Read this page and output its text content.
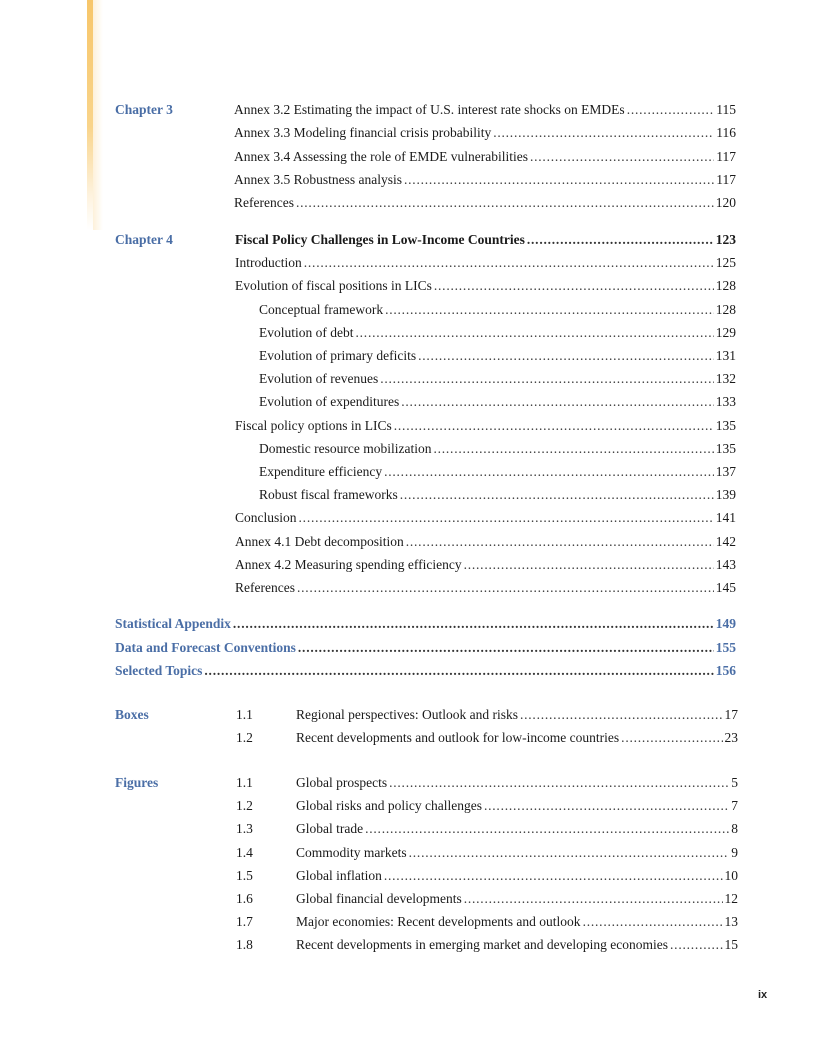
Chapter 3	Annex 3.2 Estimating the impact of U.S. interest rate shocks on EMDEs . . .	115
Annex 3.3 Modeling financial crisis probability . . .	116
Annex 3.4 Assessing the role of EMDE vulnerabilities . . .	117
Annex 3.5 Robustness analysis . . .	117
References . . .	120
Chapter 4	Fiscal Policy Challenges in Low-Income Countries . . .	123
Introduction . . .	125
Evolution of fiscal positions in LICs . . .	128
Conceptual framework . . .	128
Evolution of debt . . .	129
Evolution of primary deficits . . .	131
Evolution of revenues . . .	132
Evolution of expenditures . . .	133
Fiscal policy options in LICs . . .	135
Domestic resource mobilization . . .	135
Expenditure efficiency . . .	137
Robust fiscal frameworks . . .	139
Conclusion . . .	141
Annex 4.1 Debt decomposition . . .	142
Annex 4.2 Measuring spending efficiency . . .	143
References . . .	145
Statistical Appendix . . .	149
Data and Forecast Conventions . . .	155
Selected Topics . . .	156
Boxes	1.1	Regional perspectives: Outlook and risks . . .	17
1.2	Recent developments and outlook for low-income countries . . .	23
Figures	1.1	Global prospects . . .	5
1.2	Global risks and policy challenges . . .	7
1.3	Global trade . . .	8
1.4	Commodity markets . . .	9
1.5	Global inflation . . .	10
1.6	Global financial developments . . .	12
1.7	Major economies: Recent developments and outlook . . .	13
1.8	Recent developments in emerging market and developing economies . . .	15
ix
